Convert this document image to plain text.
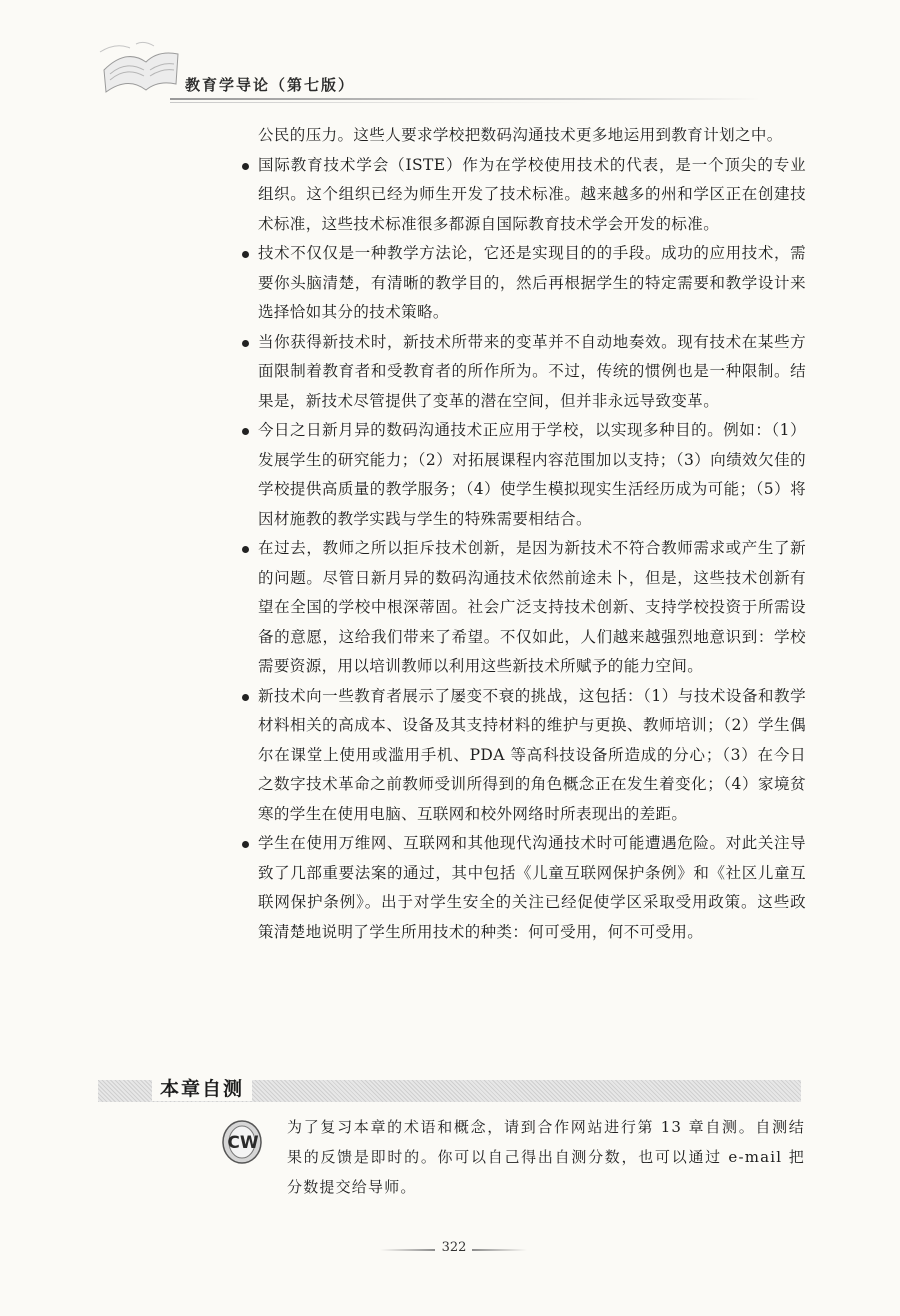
教育学导论（第七版）

公民的压力。这些人要求学校把数码沟通技术更多地运用到教育计划之中。

国际教育技术学会（ISTE）作为在学校使用技术的代表，是一个顶尖的专业组织。这个组织已经为师生开发了技术标准。越来越多的州和学区正在创建技术标准，这些技术标准很多都源自国际教育技术学会开发的标准。
技术不仅仅是一种教学方法论，它还是实现目的的手段。成功的应用技术，需要你头脑清楚，有清晰的教学目的，然后再根据学生的特定需要和教学设计来选择恰如其分的技术策略。
当你获得新技术时，新技术所带来的变革并不自动地奏效。现有技术在某些方面限制着教育者和受教育者的所作所为。不过，传统的惯例也是一种限制。结果是，新技术尽管提供了变革的潜在空间，但并非永远导致变革。
今日之日新月异的数码沟通技术正应用于学校，以实现多种目的。例如：（1）发展学生的研究能力；（2）对拓展课程内容范围加以支持；（3）向绩效欠佳的学校提供高质量的教学服务；（4）使学生模拟现实生活经历成为可能；（5）将因材施教的教学实践与学生的特殊需要相结合。
在过去，教师之所以拒斥技术创新，是因为新技术不符合教师需求或产生了新的问题。尽管日新月异的数码沟通技术依然前途未卜，但是，这些技术创新有望在全国的学校中根深蒂固。社会广泛支持技术创新、支持学校投资于所需设备的意愿，这给我们带来了希望。不仅如此，人们越来越强烈地意识到：学校需要资源，用以培训教师以利用这些新技术所赋予的能力空间。
新技术向一些教育者展示了屡变不衰的挑战，这包括：（1）与技术设备和教学材料相关的高成本、设备及其支持材料的维护与更换、教师培训；（2）学生偶尔在课堂上使用或滥用手机、PDA 等高科技设备所造成的分心；（3）在今日之数字技术革命之前教师受训所得到的角色概念正在发生着变化；（4）家境贫寒的学生在使用电脑、互联网和校外网络时所表现出的差距。
学生在使用万维网、互联网和其他现代沟通技术时可能遭遇危险。对此关注导致了几部重要法案的通过，其中包括《儿童互联网保护条例》和《社区儿童互联网保护条例》。出于对学生安全的关注已经促使学区采取受用政策。这些政策清楚地说明了学生所用技术的种类：何可受用，何不可受用。
本章自测
CW
为了复习本章的术语和概念，请到合作网站进行第 13 章自测。自测结果的反馈是即时的。你可以自己得出自测分数，也可以通过 e-mail 把分数提交给导师。
322
